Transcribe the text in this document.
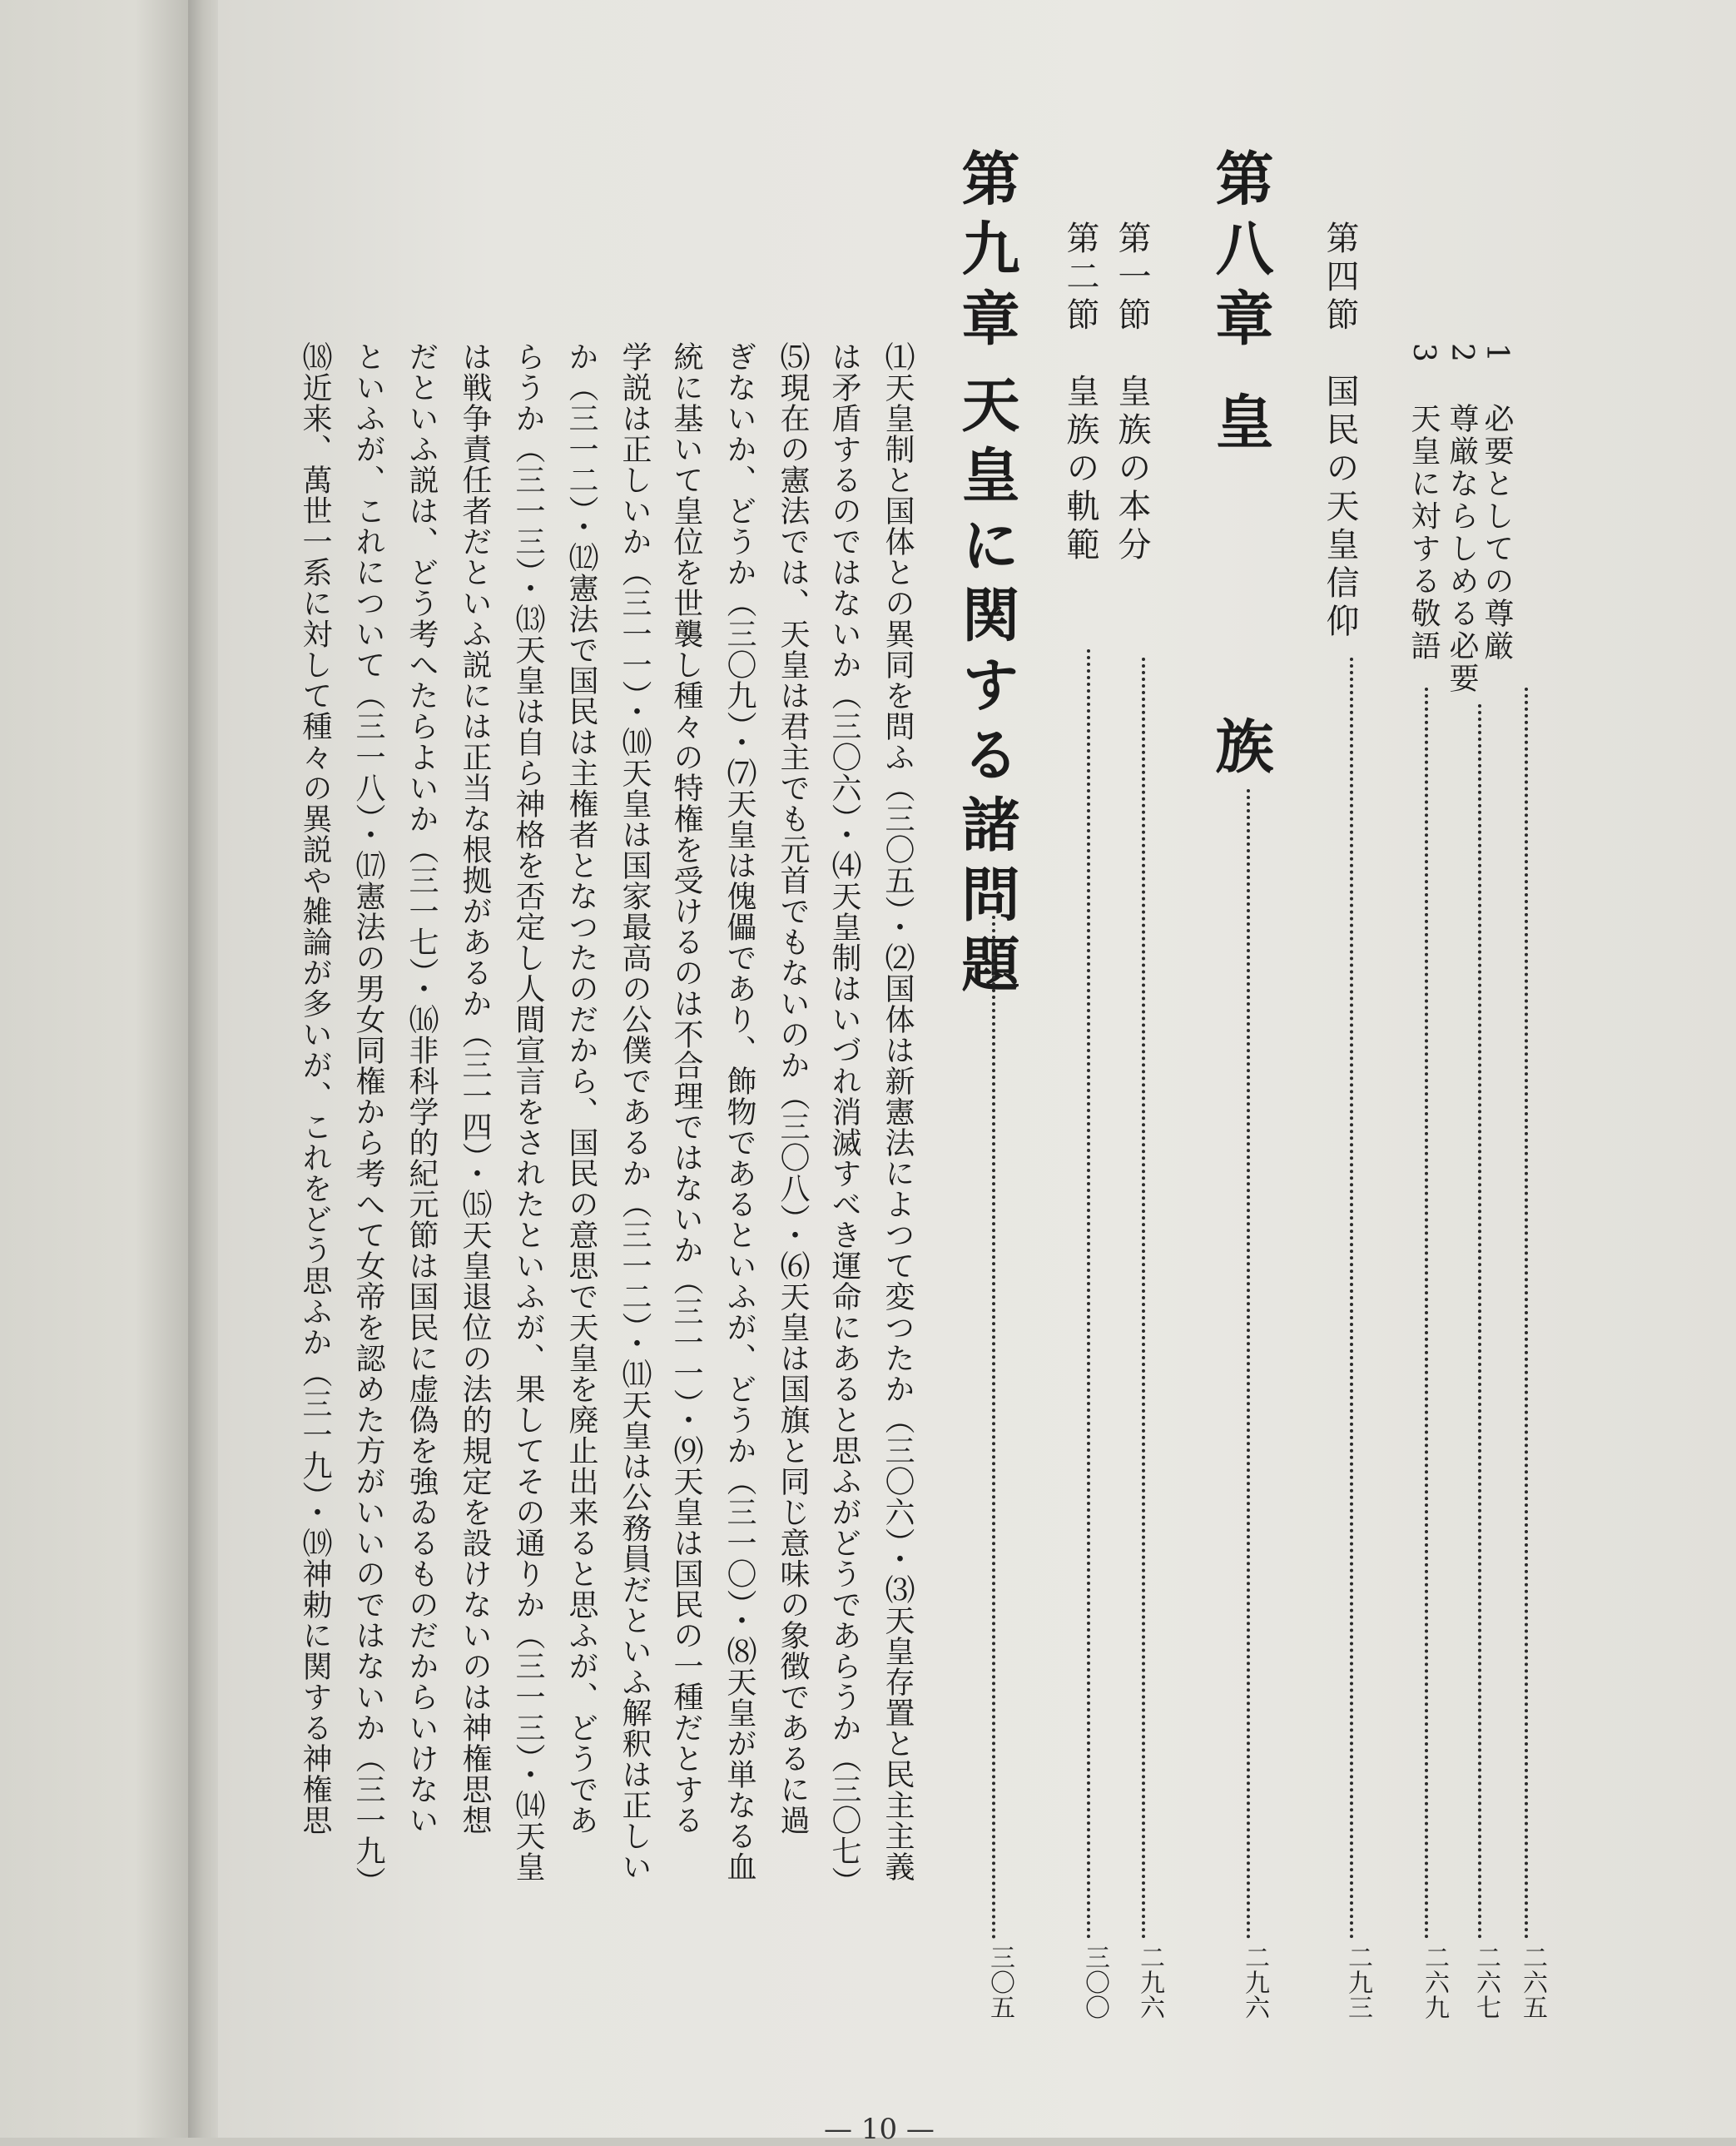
1
必要としての尊厳
二六五
2
尊厳ならしめる必要
二六七
3
天皇に対する敬語
二六九
第四節　国民の天皇信仰
二九三
第八章
皇
族
二九六
第一節　皇族の本分
二九六
第二節　皇族の軌範
三〇〇
第九章
天皇に関する諸問題
三〇五
⑴天皇制と国体との異同を問ふ（三〇五）・⑵国体は新憲法によつて変つたか（三〇六）・⑶天皇存置と民主主義
は矛盾するのではないか（三〇六）・⑷天皇制はいづれ消滅すべき運命にあると思ふがどうであらうか（三〇七）
⑸現在の憲法では、天皇は君主でも元首でもないのか（三〇八）・⑹天皇は国旗と同じ意味の象徴であるに過
ぎないか、どうか（三〇九）・⑺天皇は傀儡であり、飾物であるといふが、どうか（三一〇）・⑻天皇が単なる血
統に基いて皇位を世襲し種々の特権を受けるのは不合理ではないか（三一一）・⑼天皇は国民の一種だとする
学説は正しいか（三一一）・⑽天皇は国家最高の公僕であるか（三一二）・⑾天皇は公務員だといふ解釈は正しい
か（三一二）・⑿憲法で国民は主権者となつたのだから、国民の意思で天皇を廃止出来ると思ふが、どうであ
らうか（三一三）・⒀天皇は自ら神格を否定し人間宣言をされたといふが、果してその通りか（三一三）・⒁天皇
は戦争責任者だといふ説には正当な根拠があるか（三一四）・⒂天皇退位の法的規定を設けないのは神権思想
だといふ説は、どう考へたらよいか（三一七）・⒃非科学的紀元節は国民に虚偽を強ゐるものだからいけない
といふが、これについて（三一八）・⒄憲法の男女同権から考へて女帝を認めた方がいいのではないか（三一九）
⒅近来、萬世一系に対して種々の異説や雑論が多いが、これをどう思ふか（三一九）・⒆神勅に関する神権思
— 10 —
